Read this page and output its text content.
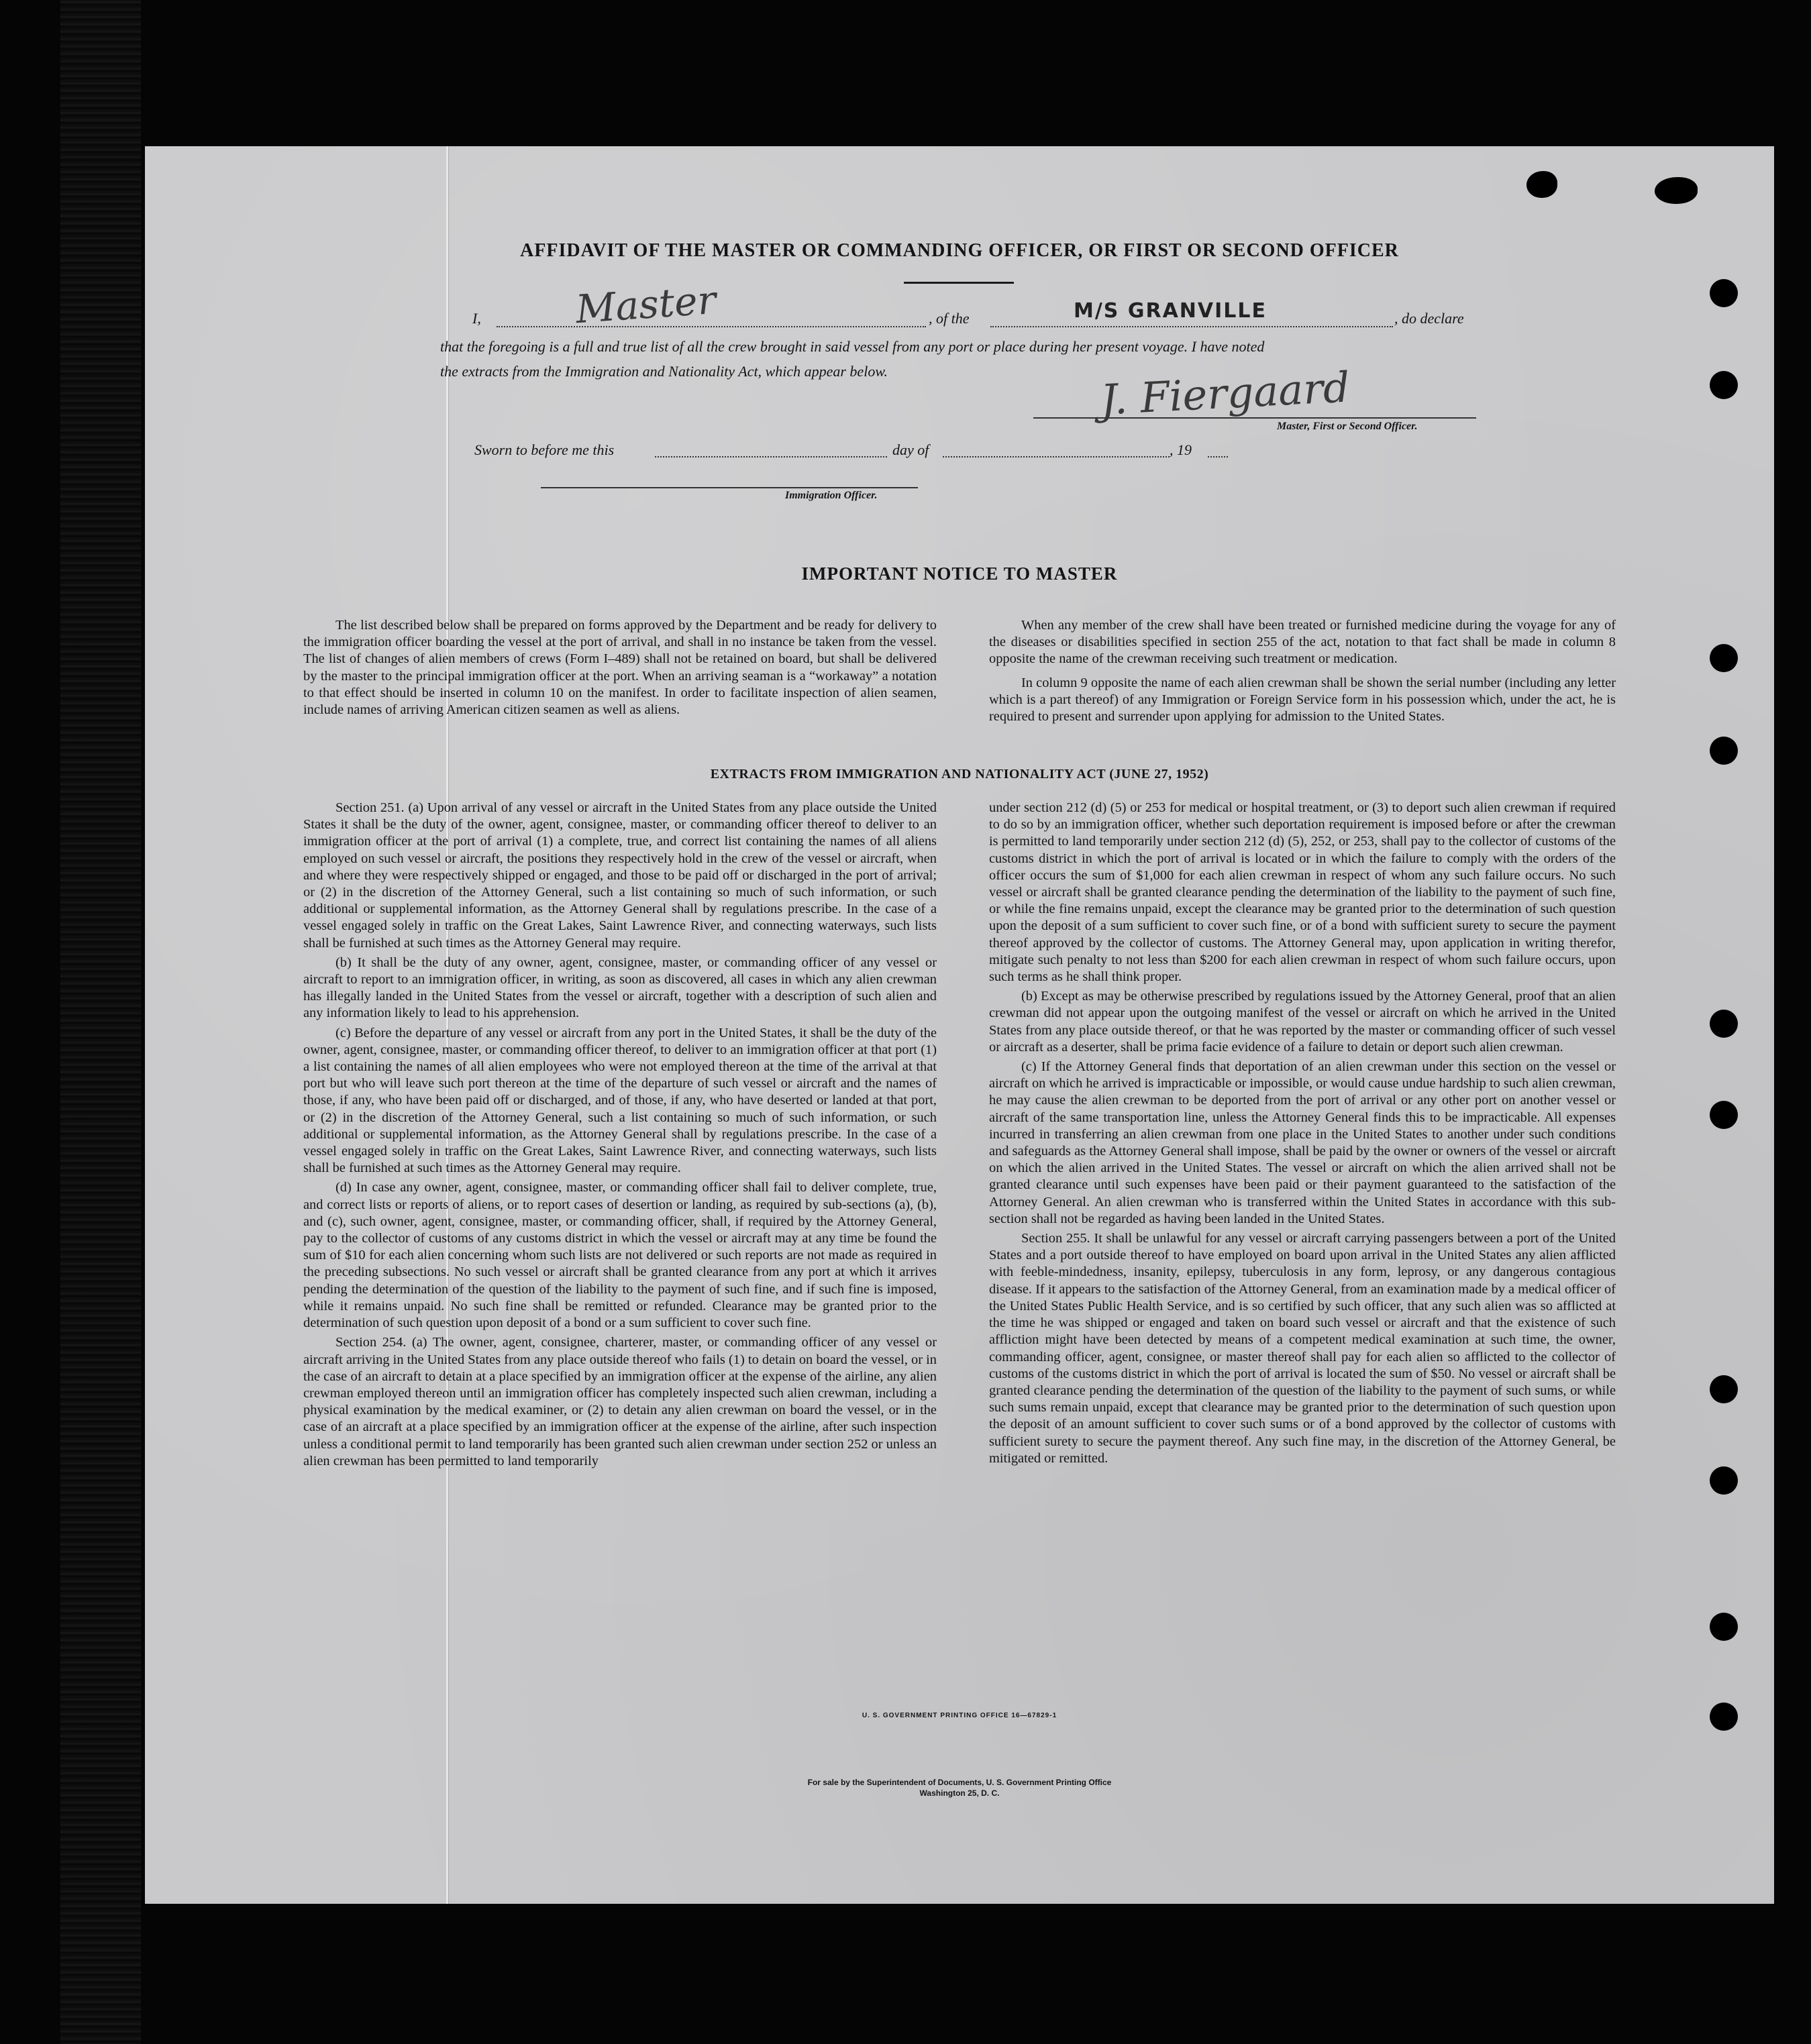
AFFIDAVIT OF THE MASTER OR COMMANDING OFFICER, OR FIRST OR SECOND OFFICER
I, Master	, of the	M/S GRANVILLE	, do declare
that the foregoing is a full and true list of all the crew brought in said vessel from any port or place during her present voyage. I have noted
the extracts from the Immigration and Nationality Act, which appear below.	J. Fiergaard
Master, First or Second Officer.
Sworn to before me this	day of	, 19
Immigration Officer.
IMPORTANT NOTICE TO MASTER

The list described below shall be prepared on forms approved by the Department and be ready for delivery to the immigration officer boarding the vessel at the port of arrival, and shall in no instance be taken from the vessel. The list of changes of alien members of crews (Form I–489) shall not be retained on board, but shall be delivered by the master to the principal immigration officer at the port. When an arriving seaman is a “workaway” a notation to that effect should be inserted in column 10 on the manifest. In order to facilitate inspection of alien seamen, include names of arriving American citizen seamen as well as aliens.

When any member of the crew shall have been treated or furnished medicine during the voyage for any of the diseases or disabilities specified in section 255 of the act, notation to that fact shall be made in column 8 opposite the name of the crewman receiving such treatment or medication.

In column 9 opposite the name of each alien crewman shall be shown the serial number (including any letter which is a part thereof) of any Immigration or Foreign Service form in his possession which, under the act, he is required to present and surrender upon applying for admission to the United States.

EXTRACTS FROM IMMIGRATION AND NATIONALITY ACT (JUNE 27, 1952)

Section 251. (a) Upon arrival of any vessel or aircraft in the United States from any place outside the United States it shall be the duty of the owner, agent, consignee, master, or commanding officer thereof to deliver to an immigration officer at the port of arrival (1) a complete, true, and correct list containing the names of all aliens employed on such vessel or aircraft, the positions they respectively hold in the crew of the vessel or aircraft, when and where they were respectively shipped or engaged, and those to be paid off or discharged in the port of arrival; or (2) in the discretion of the Attorney General, such a list containing so much of such information, or such additional or supplemental information, as the Attorney General shall by regulations prescribe. In the case of a vessel engaged solely in traffic on the Great Lakes, Saint Lawrence River, and connecting waterways, such lists shall be furnished at such times as the Attorney General may require.

(b) It shall be the duty of any owner, agent, consignee, master, or commanding officer of any vessel or aircraft to report to an immigration officer, in writing, as soon as discovered, all cases in which any alien crewman has illegally landed in the United States from the vessel or aircraft, together with a description of such alien and any information likely to lead to his apprehension.

(c) Before the departure of any vessel or aircraft from any port in the United States, it shall be the duty of the owner, agent, consignee, master, or commanding officer thereof, to deliver to an immigration officer at that port (1) a list containing the names of all alien employees who were not employed thereon at the time of the arrival at that port but who will leave such port thereon at the time of the departure of such vessel or aircraft and the names of those, if any, who have been paid off or discharged, and of those, if any, who have deserted or landed at that port, or (2) in the discretion of the Attorney General, such a list containing so much of such information, or such additional or supplemental information, as the Attorney General shall by regulations prescribe. In the case of a vessel engaged solely in traffic on the Great Lakes, Saint Lawrence River, and connecting waterways, such lists shall be furnished at such times as the Attorney General may require.

(d) In case any owner, agent, consignee, master, or commanding officer shall fail to deliver complete, true, and correct lists or reports of aliens, or to report cases of desertion or landing, as required by sub-sections (a), (b), and (c), such owner, agent, consignee, master, or commanding officer, shall, if required by the Attorney General, pay to the collector of customs of any customs district in which the vessel or aircraft may at any time be found the sum of $10 for each alien concerning whom such lists are not delivered or such reports are not made as required in the preceding subsections. No such vessel or aircraft shall be granted clearance from any port at which it arrives pending the determination of the question of the liability to the payment of such fine, and if such fine is imposed, while it remains unpaid. No such fine shall be remitted or refunded. Clearance may be granted prior to the determination of such question upon deposit of a bond or a sum sufficient to cover such fine.

Section 254. (a) The owner, agent, consignee, charterer, master, or commanding officer of any vessel or aircraft arriving in the United States from any place outside thereof who fails (1) to detain on board the vessel, or in the case of an aircraft to detain at a place specified by an immigration officer at the expense of the airline, any alien crewman employed thereon until an immigration officer has completely inspected such alien crewman, including a physical examination by the medical examiner, or (2) to detain any alien crewman on board the vessel, or in the case of an aircraft at a place specified by an immigration officer at the expense of the airline, after such inspection unless a conditional permit to land temporarily has been granted such alien crewman under section 252 or unless an alien crewman has been permitted to land temporarily

under section 212 (d) (5) or 253 for medical or hospital treatment, or (3) to deport such alien crewman if required to do so by an immigration officer, whether such deportation requirement is imposed before or after the crewman is permitted to land temporarily under section 212 (d) (5), 252, or 253, shall pay to the collector of customs of the customs district in which the port of arrival is located or in which the failure to comply with the orders of the officer occurs the sum of $1,000 for each alien crewman in respect of whom any such failure occurs. No such vessel or aircraft shall be granted clearance pending the determination of the liability to the payment of such fine, or while the fine remains unpaid, except the clearance may be granted prior to the determination of such question upon the deposit of a sum sufficient to cover such fine, or of a bond with sufficient surety to secure the payment thereof approved by the collector of customs. The Attorney General may, upon application in writing therefor, mitigate such penalty to not less than $200 for each alien crewman in respect of whom such failure occurs, upon such terms as he shall think proper.

(b) Except as may be otherwise prescribed by regulations issued by the Attorney General, proof that an alien crewman did not appear upon the outgoing manifest of the vessel or aircraft on which he arrived in the United States from any place outside thereof, or that he was reported by the master or commanding officer of such vessel or aircraft as a deserter, shall be prima facie evidence of a failure to detain or deport such alien crewman.

(c) If the Attorney General finds that deportation of an alien crewman under this section on the vessel or aircraft on which he arrived is impracticable or impossible, or would cause undue hardship to such alien crewman, he may cause the alien crewman to be deported from the port of arrival or any other port on another vessel or aircraft of the same transportation line, unless the Attorney General finds this to be impracticable. All expenses incurred in transferring an alien crewman from one place in the United States to another under such conditions and safeguards as the Attorney General shall impose, shall be paid by the owner or owners of the vessel or aircraft on which the alien arrived in the United States. The vessel or aircraft on which the alien arrived shall not be granted clearance until such expenses have been paid or their payment guaranteed to the satisfaction of the Attorney General. An alien crewman who is transferred within the United States in accordance with this sub-section shall not be regarded as having been landed in the United States.

Section 255. It shall be unlawful for any vessel or aircraft carrying passengers between a port of the United States and a port outside thereof to have employed on board upon arrival in the United States any alien afflicted with feeble-mindedness, insanity, epilepsy, tuberculosis in any form, leprosy, or any dangerous contagious disease. If it appears to the satisfaction of the Attorney General, from an examination made by a medical officer of the United States Public Health Service, and is so certified by such officer, that any such alien was so afflicted at the time he was shipped or engaged and taken on board such vessel or aircraft and that the existence of such affliction might have been detected by means of a competent medical examination at such time, the owner, commanding officer, agent, consignee, or master thereof shall pay for each alien so afflicted to the collector of customs of the customs district in which the port of arrival is located the sum of $50. No vessel or aircraft shall be granted clearance pending the determination of the question of the liability to the payment of such sums, or while such sums remain unpaid, except that clearance may be granted prior to the determination of such question upon the deposit of an amount sufficient to cover such sums or of a bond approved by the collector of customs with sufficient surety to secure the payment thereof. Any such fine may, in the discretion of the Attorney General, be mitigated or remitted.

U. S. GOVERNMENT PRINTING OFFICE 16—67829-1
For sale by the Superintendent of Documents, U. S. Government Printing Office
Washington 25, D. C.
